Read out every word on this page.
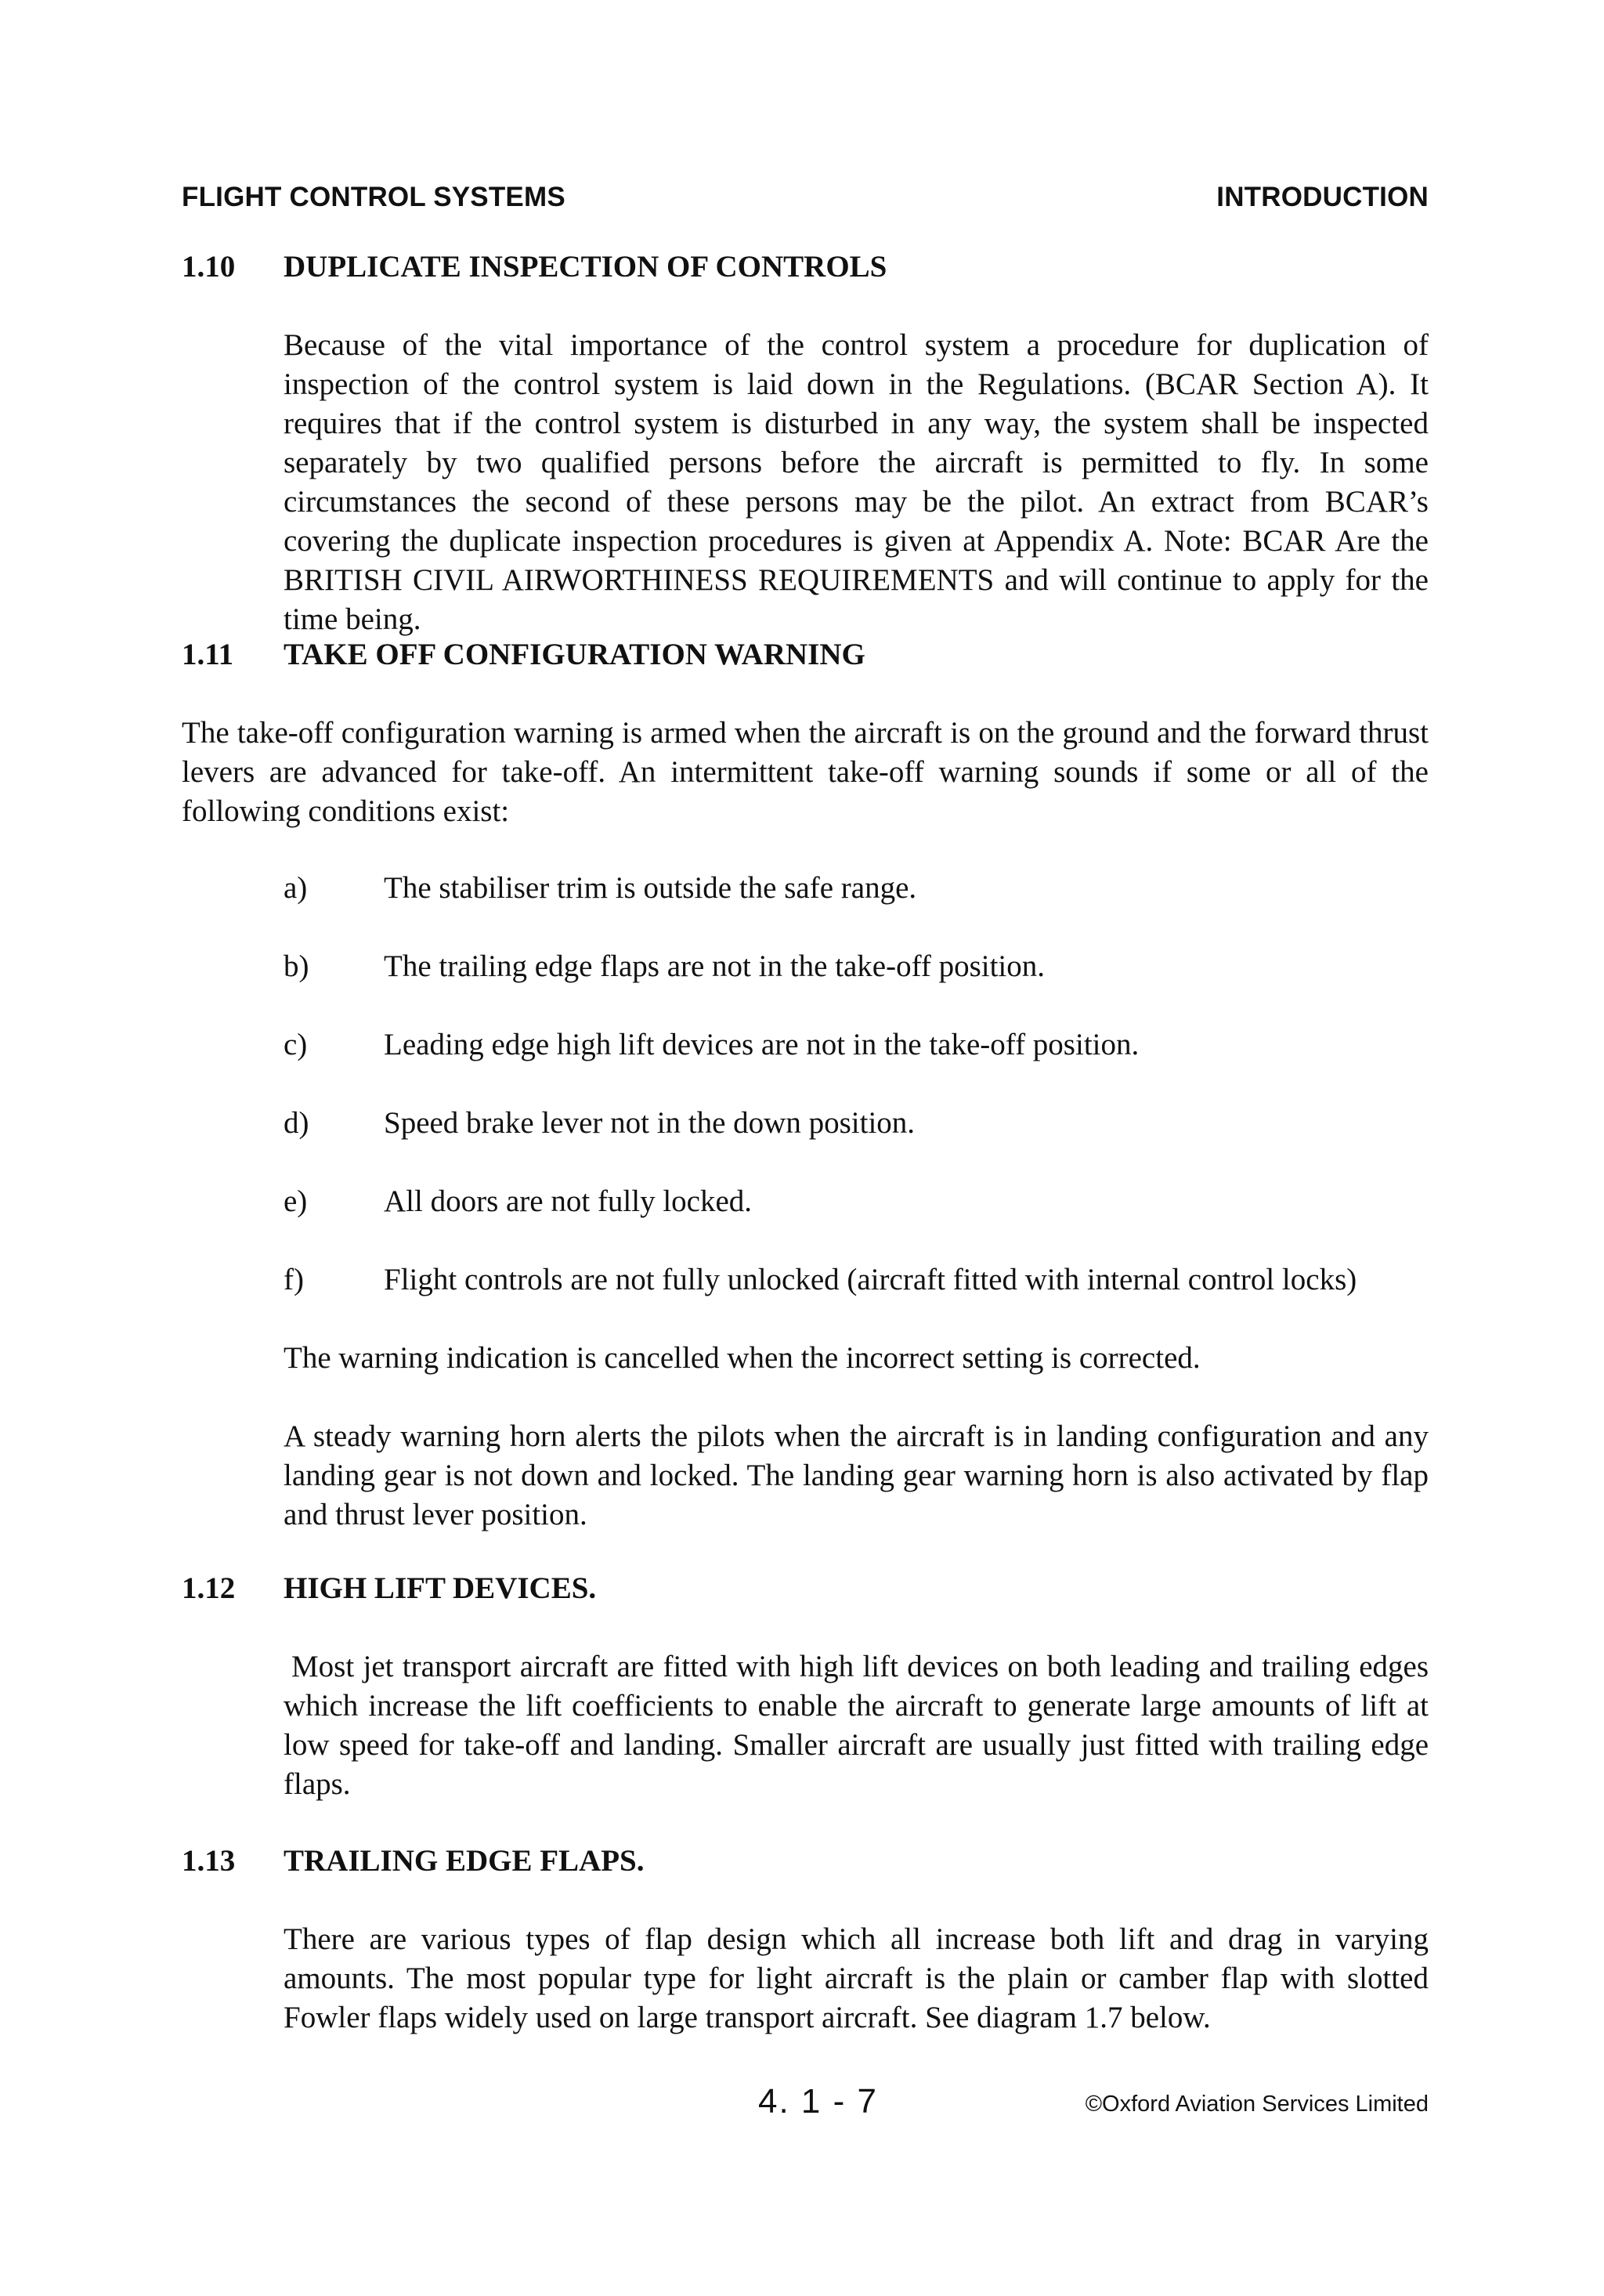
FLIGHT CONTROL SYSTEMS	INTRODUCTION
1.10	DUPLICATE INSPECTION OF CONTROLS

Because of the vital importance of the control system a procedure for duplication of inspection of the control system is laid down in the Regulations. (BCAR Section A). It requires that if the control system is disturbed in any way, the system shall be inspected separately by two qualified persons before the aircraft is permitted to fly. In some circumstances the second of these persons may be the pilot. An extract from BCAR’s covering the duplicate inspection procedures is given at Appendix A. Note: BCAR Are the BRITISH CIVIL AIRWORTHINESS REQUIREMENTS and will continue to apply for the time being.

1.11	TAKE OFF CONFIGURATION WARNING

The take-off configuration warning is armed when the aircraft is on the ground and the forward thrust levers are advanced for take-off. An intermittent take-off warning sounds if some or all of the following conditions exist:

a)	The stabiliser trim is outside the safe range.
b)	The trailing edge flaps are not in the take-off position.
c)	Leading edge high lift devices are not in the take-off position.
d)	Speed brake lever not in the down position.
e)	All doors are not fully locked.
f)	Flight controls are not fully unlocked (aircraft fitted with internal control locks)

The warning indication is cancelled when the incorrect setting is corrected.

A steady warning horn alerts the pilots when the aircraft is in landing configuration and any landing gear is not down and locked. The landing gear warning horn is also activated by flap and thrust lever position.

1.12	HIGH LIFT DEVICES.

Most jet transport aircraft are fitted with high lift devices on both leading and trailing edges which increase the lift coefficients to enable the aircraft to generate large amounts of lift at low speed for take-off and landing. Smaller aircraft are usually just fitted with trailing edge flaps.

1.13	TRAILING EDGE FLAPS.

There are various types of flap design which all increase both lift and drag in varying amounts. The most popular type for light aircraft is the plain or camber flap with slotted Fowler flaps widely used on large transport aircraft. See diagram 1.7 below.

4. 1 - 7	©Oxford Aviation Services Limited
